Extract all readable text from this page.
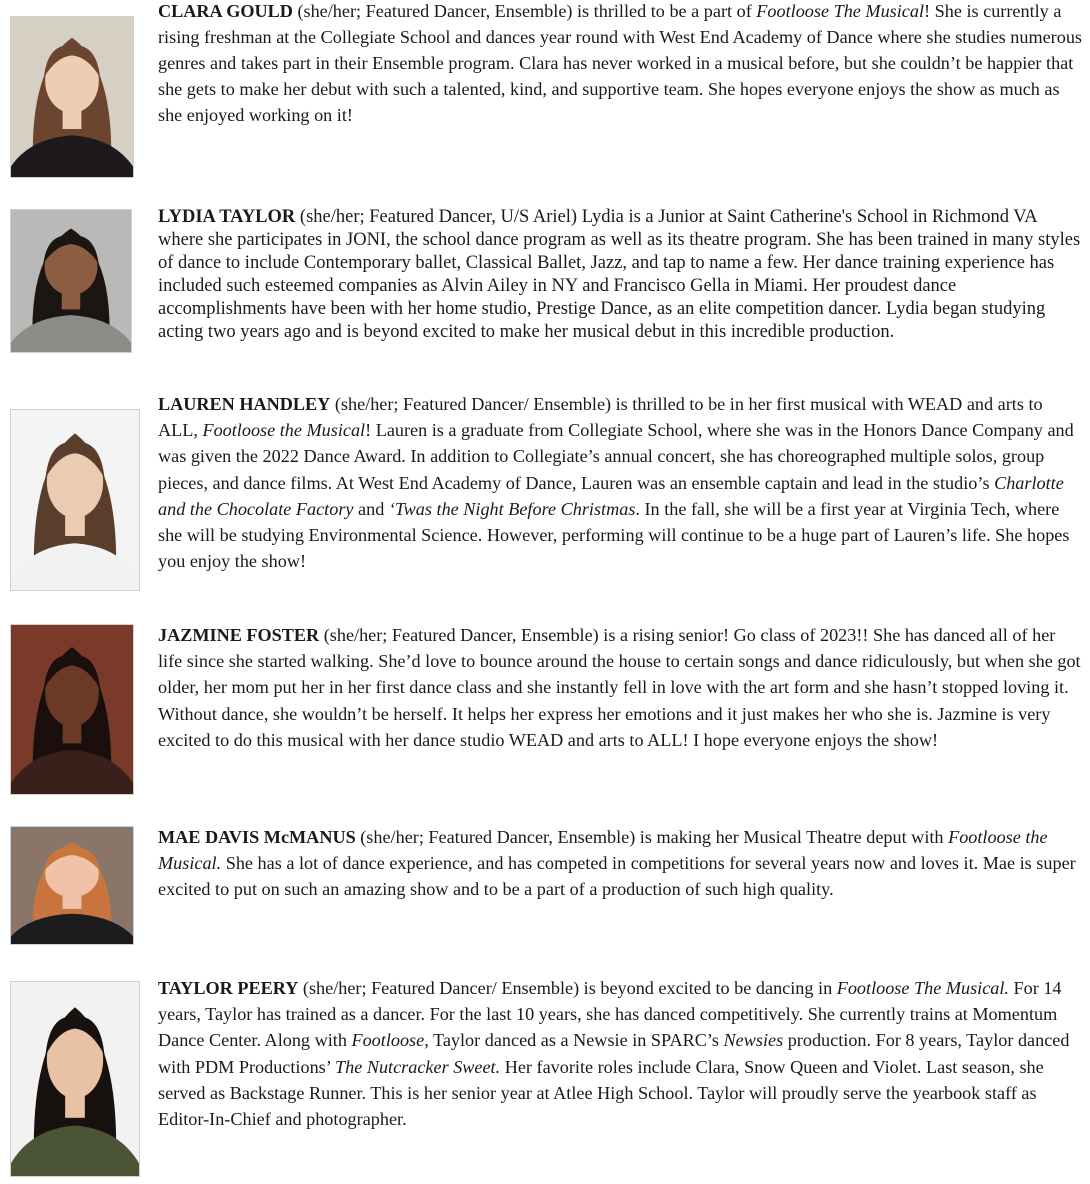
CLARA GOULD (she/her; Featured Dancer, Ensemble) is thrilled to be a part of Footloose The Musical! She is currently a rising freshman at the Collegiate School and dances year round with West End Academy of Dance where she studies numerous genres and takes part in their Ensemble program. Clara has never worked in a musical before, but she couldn’t be happier that she gets to make her debut with such a talented, kind, and supportive team. She hopes everyone enjoys the show as much as she enjoyed working on it!

LYDIA TAYLOR (she/her; Featured Dancer, U/S Ariel) Lydia is a Junior at Saint Catherine's School in Richmond VA where she participates in JONI, the school dance program as well as its theatre program. She has been trained in many styles of dance to include Contemporary ballet, Classical Ballet, Jazz, and tap to name a few. Her dance training experience has included such esteemed companies as Alvin Ailey in NY and Francisco Gella in Miami. Her proudest dance accomplishments have been with her home studio, Prestige Dance, as an elite competition dancer. Lydia began studying acting two years ago and is beyond excited to make her musical debut in this incredible production.

LAUREN HANDLEY (she/her; Featured Dancer/ Ensemble) is thrilled to be in her first musical with WEAD and arts to ALL, Footloose the Musical! Lauren is a graduate from Collegiate School, where she was in the Honors Dance Company and was given the 2022 Dance Award. In addition to Collegiate’s annual concert, she has choreographed multiple solos, group pieces, and dance films. At West End Academy of Dance, Lauren was an ensemble captain and lead in the studio’s Charlotte and the Chocolate Factory and ‘Twas the Night Before Christmas. In the fall, she will be a first year at Virginia Tech, where she will be studying Environmental Science. However, performing will continue to be a huge part of Lauren’s life. She hopes you enjoy the show!

JAZMINE FOSTER (she/her; Featured Dancer, Ensemble) is a rising senior! Go class of 2023!! She has danced all of her life since she started walking. She’d love to bounce around the house to certain songs and dance ridiculously, but when she got older, her mom put her in her first dance class and she instantly fell in love with the art form and she hasn’t stopped loving it. Without dance, she wouldn’t be herself. It helps her express her emotions and it just makes her who she is. Jazmine is very excited to do this musical with her dance studio WEAD and arts to ALL! I hope everyone enjoys the show!

MAE DAVIS McMANUS (she/her; Featured Dancer, Ensemble) is making her Musical Theatre deput with Footloose the Musical. She has a lot of dance experience, and has competed in competitions for several years now and loves it. Mae is super excited to put on such an amazing show and to be a part of a production of such high quality.

TAYLOR PEERY (she/her; Featured Dancer/ Ensemble) is beyond excited to be dancing in Footloose The Musical. For 14 years, Taylor has trained as a dancer. For the last 10 years, she has danced competitively. She currently trains at Momentum Dance Center. Along with Footloose, Taylor danced as a Newsie in SPARC’s Newsies production. For 8 years, Taylor danced with PDM Productions’ The Nutcracker Sweet. Her favorite roles include Clara, Snow Queen and Violet. Last season, she served as Backstage Runner. This is her senior year at Atlee High School. Taylor will proudly serve the yearbook staff as Editor-In-Chief and photographer.
